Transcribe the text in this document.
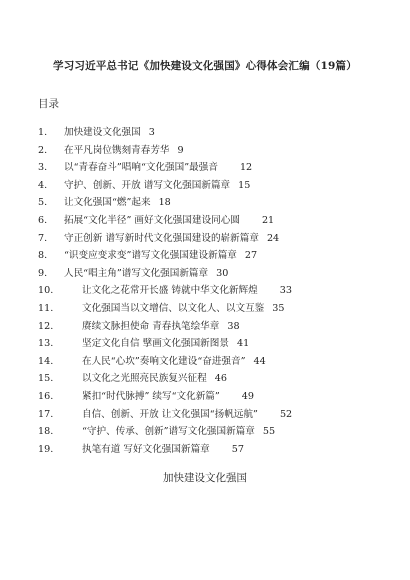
学习习近平总书记《加快建设文化强国》心得体会汇编（19篇）
目录
1.	加快建设文化强国 3
2.	在平凡岗位镌刻青春芳华 9
3.	以“青春奋斗”唱响“文化强国”最强音 12
4.	守护、创新、开放 谱写文化强国新篇章 15
5.	让文化强国“燃”起来 18
6.	拓展“文化半径” 画好文化强国建设同心圆 21
7.	守正创新 谱写新时代文化强国建设的崭新篇章 24
8.	“识变应变求变”谱写文化强国建设新篇章 27
9.	人民“唱主角”谱写文化强国新篇章 30
10.	让文化之花常开长盛 铸就中华文化新辉煌 33
11.	文化强国当以文增信、以文化人、以文互鉴 35
12.	赓续文脉担使命 青春执笔绘华章 38
13.	坚定文化自信 擘画文化强国新图景 41
14.	在人民“心坎”奏响文化建设“奋进强音” 44
15.	以文化之光照亮民族复兴征程 46
16.	紧扣“时代脉搏” 续写“文化新篇” 49
17.	自信、创新、开放 让文化强国“扬帆远航” 52
18.	“守护、传承、创新”谱写文化强国新篇章 55
19.	执笔有道 写好文化强国新篇章 57
加快建设文化强国
